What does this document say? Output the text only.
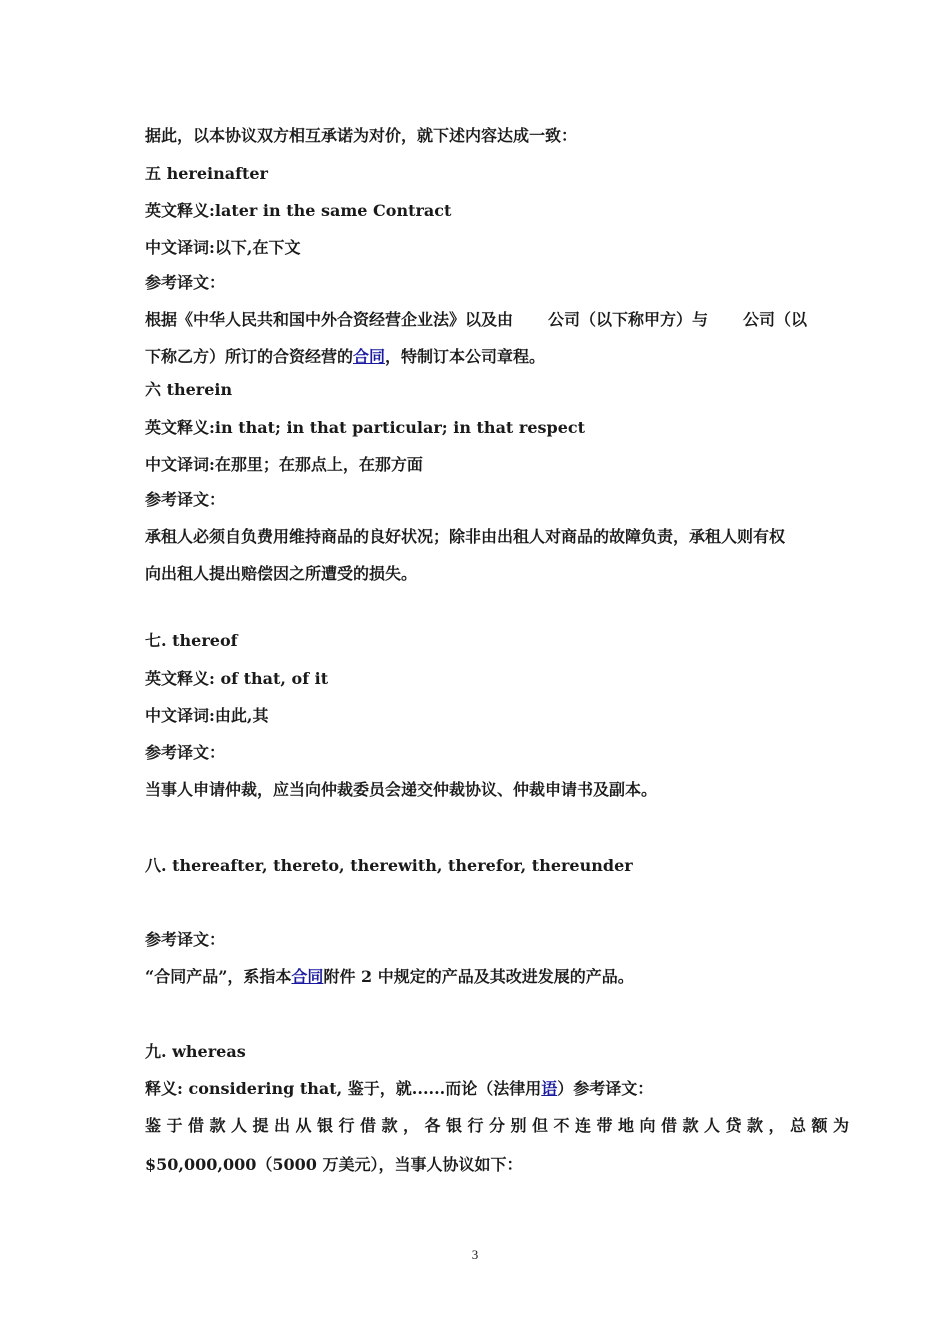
据此，以本协议双方相互承诺为对价，就下述内容达成一致：
五 hereinafter
英文释义:later in the same Contract
中文译词:以下,在下文
参考译文：
根据《中华人民共和国中外合资经营企业法》以及由 公司（以下称甲方）与 公司（以
下称乙方）所订的合资经营的合同，特制订本公司章程。
六 therein
英文释义:in that; in that particular; in that respect
中文译词:在那里；在那点上，在那方面
参考译文：
承租人必须自负费用维持商品的良好状况；除非由出租人对商品的故障负责，承租人则有权
向出租人提出赔偿因之所遭受的损失。
七. thereof
英文释义: of that, of it
中文译词:由此,其
参考译文：
当事人申请仲裁，应当向仲裁委员会递交仲裁协议、仲裁申请书及副本。
八. thereafter, thereto, therewith, therefor, thereunder
参考译文：
“合同产品”，系指本合同附件 2 中规定的产品及其改进发展的产品。
九. whereas
释义: considering that, 鉴于，就......而论（法律用语）参考译文：
鉴于借款人提出从银行借款，各银行分别但不连带地向借款人贷款，总额为
$50,000,000（5000 万美元），当事人协议如下：
3
